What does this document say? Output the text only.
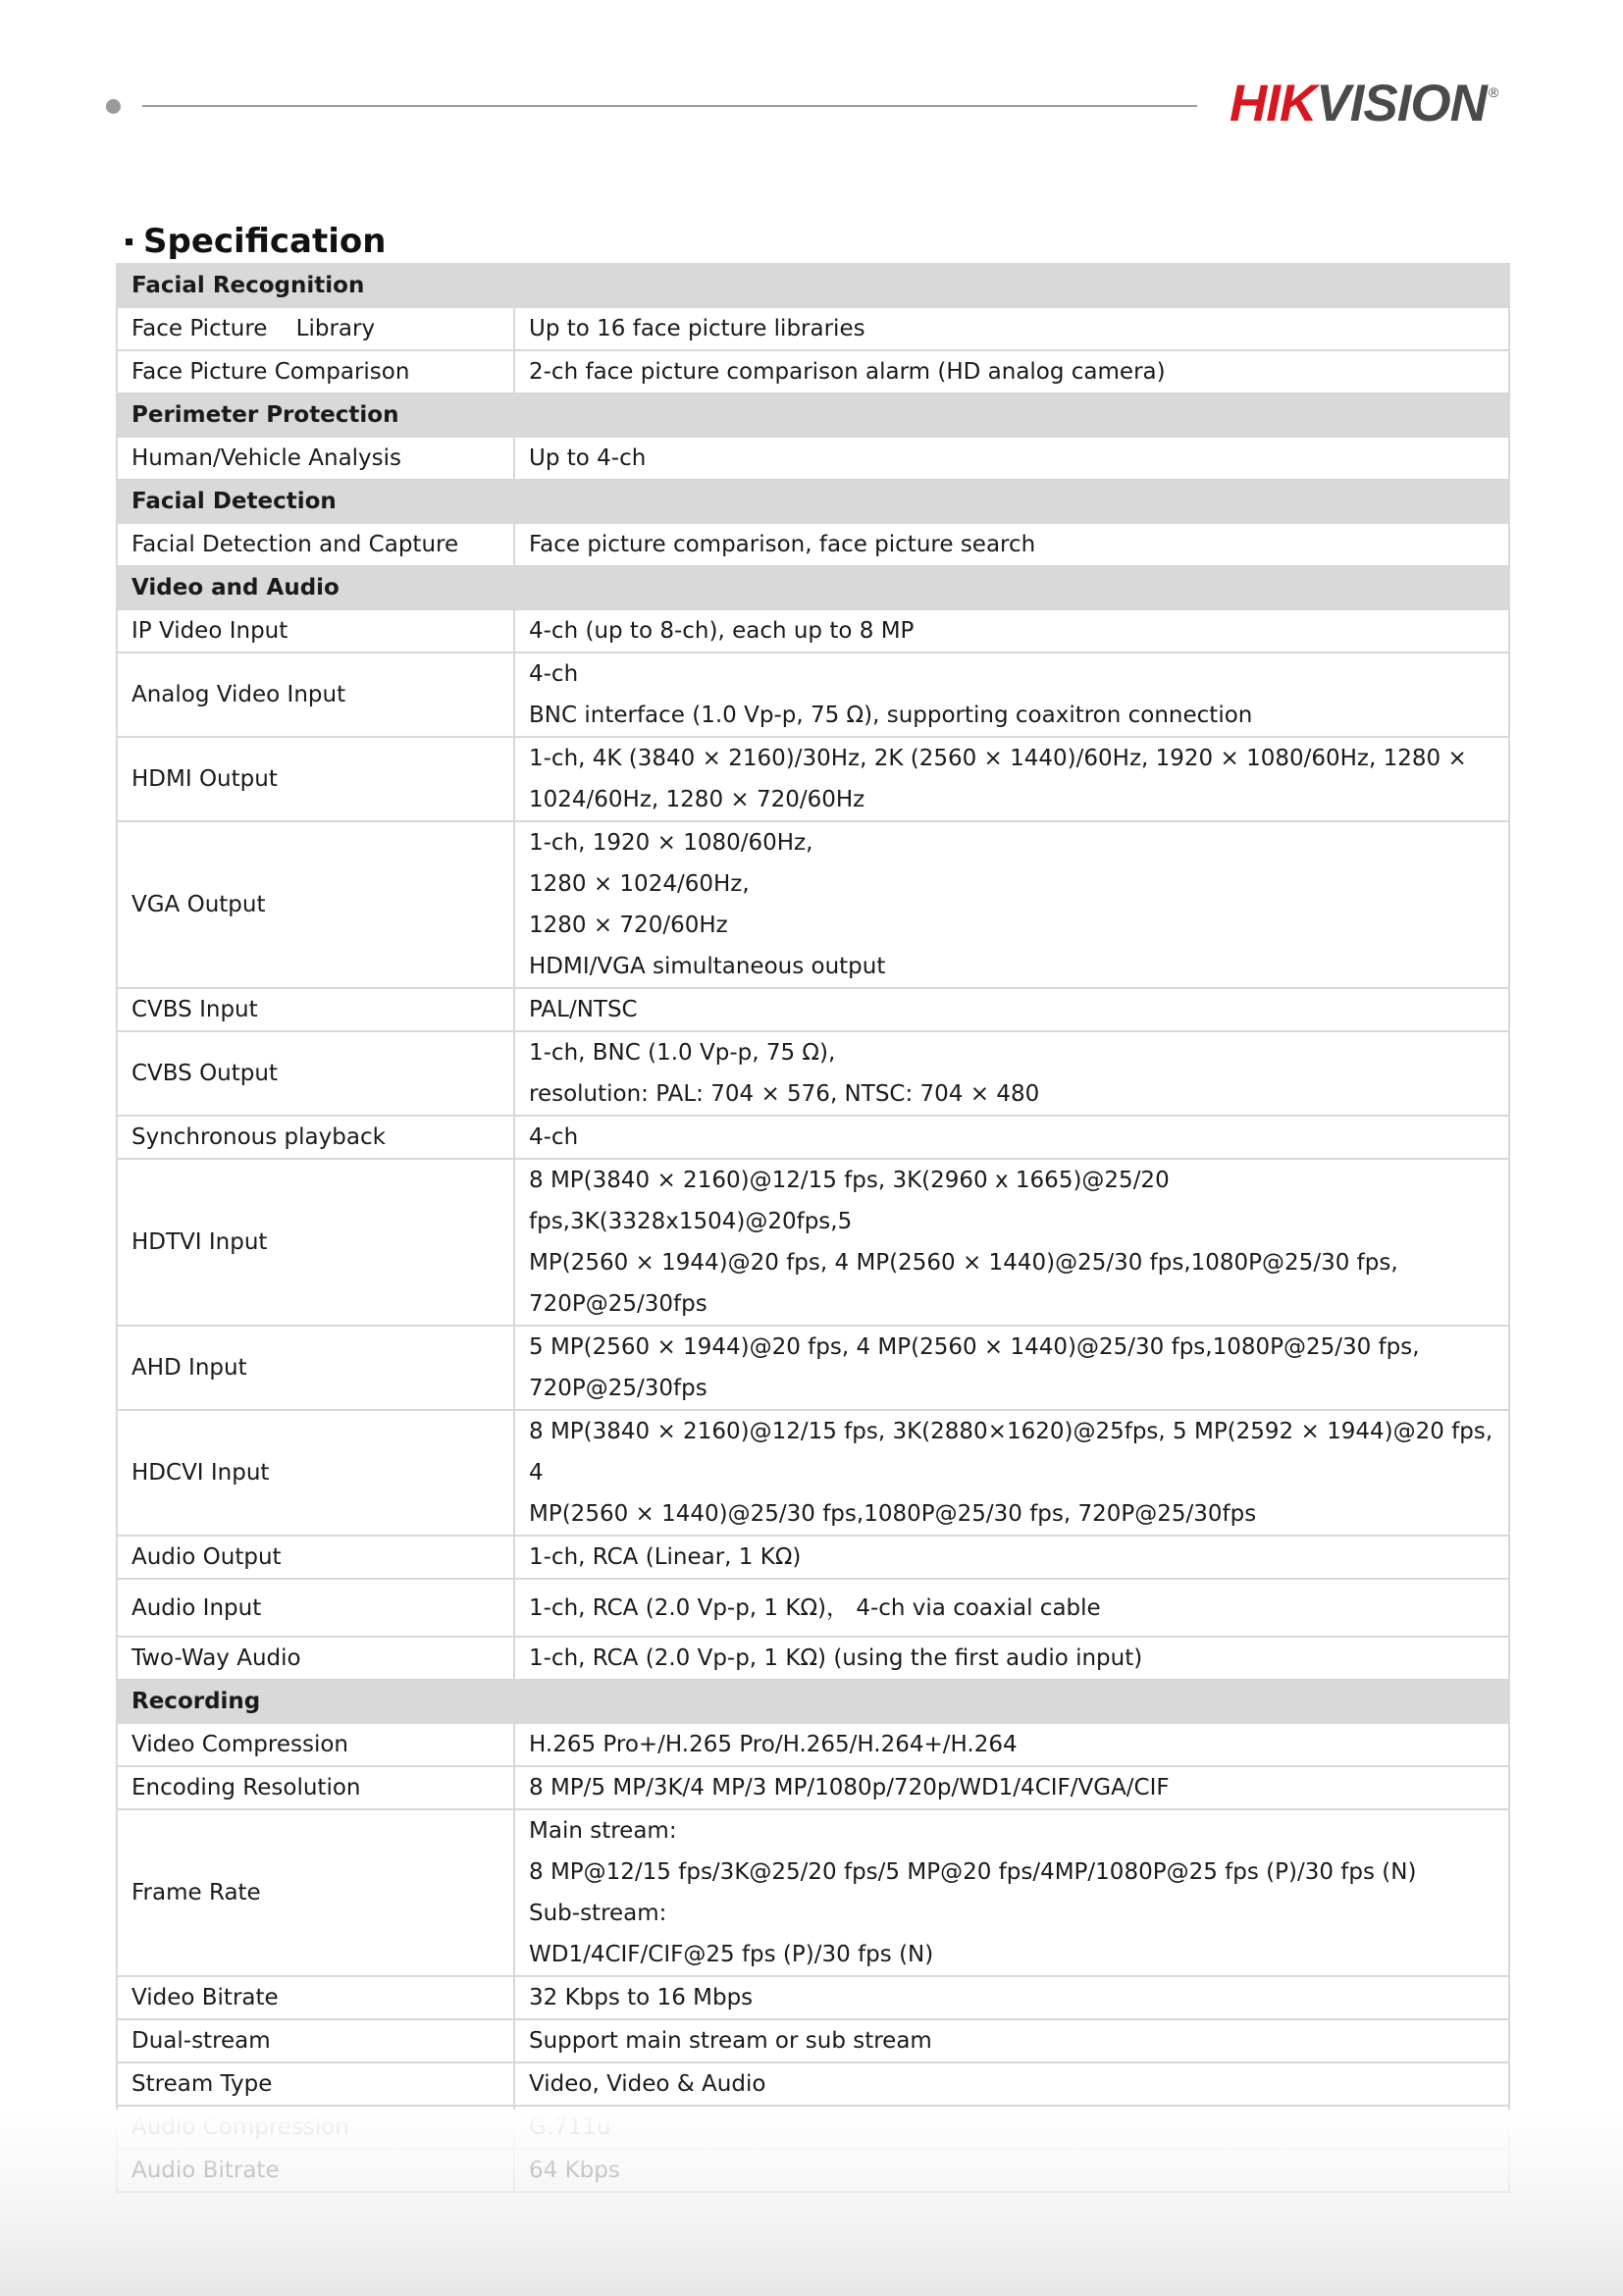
HIK VISION ®
Specification
Facial Recognition	
Face Picture    Library	Up to 16 face picture libraries
Face Picture Comparison	2-ch face picture comparison alarm (HD analog camera)
Perimeter Protection	
Human/Vehicle Analysis	Up to 4-ch
Facial Detection	
Facial Detection and Capture	Face picture comparison, face picture search
Video and Audio	
IP Video Input	4-ch (up to 8-ch), each up to 8 MP
Analog Video Input	4-ch
BNC interface (1.0 Vp-p, 75 Ω), supporting coaxitron connection

HDMI Output	1-ch, 4K (3840 × 2160)/30Hz, 2K (2560 × 1440)/60Hz, 1920 × 1080/60Hz, 1280 ×
1024/60Hz, 1280 × 720/60Hz

VGA Output	1-ch, 1920 × 1080/60Hz,
1280 × 1024/60Hz,
1280 × 720/60Hz
HDMI/VGA simultaneous output

CVBS Input	PAL/NTSC
CVBS Output	1-ch, BNC (1.0 Vp-p, 75 Ω),
resolution: PAL: 704 × 576, NTSC: 704 × 480

Synchronous playback	4-ch
HDTVI Input	8 MP(3840 × 2160)@12/15 fps, 3K(2960 x 1665)@25/20 fps,3K(3328x1504)@20fps,5
MP(2560 × 1944)@20 fps, 4 MP(2560 × 1440)@25/30 fps,1080P@25/30 fps,
720P@25/30fps

AHD Input	5 MP(2560 × 1944)@20 fps, 4 MP(2560 × 1440)@25/30 fps,1080P@25/30 fps,
720P@25/30fps

HDCVI Input	8 MP(3840 × 2160)@12/15 fps, 3K(2880×1620)@25fps, 5 MP(2592 × 1944)@20 fps, 4
MP(2560 × 1440)@25/30 fps,1080P@25/30 fps, 720P@25/30fps

Audio Output	1-ch, RCA (Linear, 1 KΩ)
Audio Input	1-ch, RCA (2.0 Vp-p, 1 KΩ)， 4-ch via coaxial cable
Two-Way Audio	1-ch, RCA (2.0 Vp-p, 1 KΩ) (using the first audio input)
Recording	
Video Compression	H.265 Pro+/H.265 Pro/H.265/H.264+/H.264
Encoding Resolution	8 MP/5 MP/3K/4 MP/3 MP/1080p/720p/WD1/4CIF/VGA/CIF
Frame Rate	Main stream:
8 MP@12/15 fps/3K@25/20 fps/5 MP@20 fps/4MP/1080P@25 fps (P)/30 fps (N)
Sub-stream:
WD1/4CIF/CIF@25 fps (P)/30 fps (N)

Video Bitrate	32 Kbps to 16 Mbps
Dual-stream	Support main stream or sub stream
Stream Type	Video, Video & Audio
